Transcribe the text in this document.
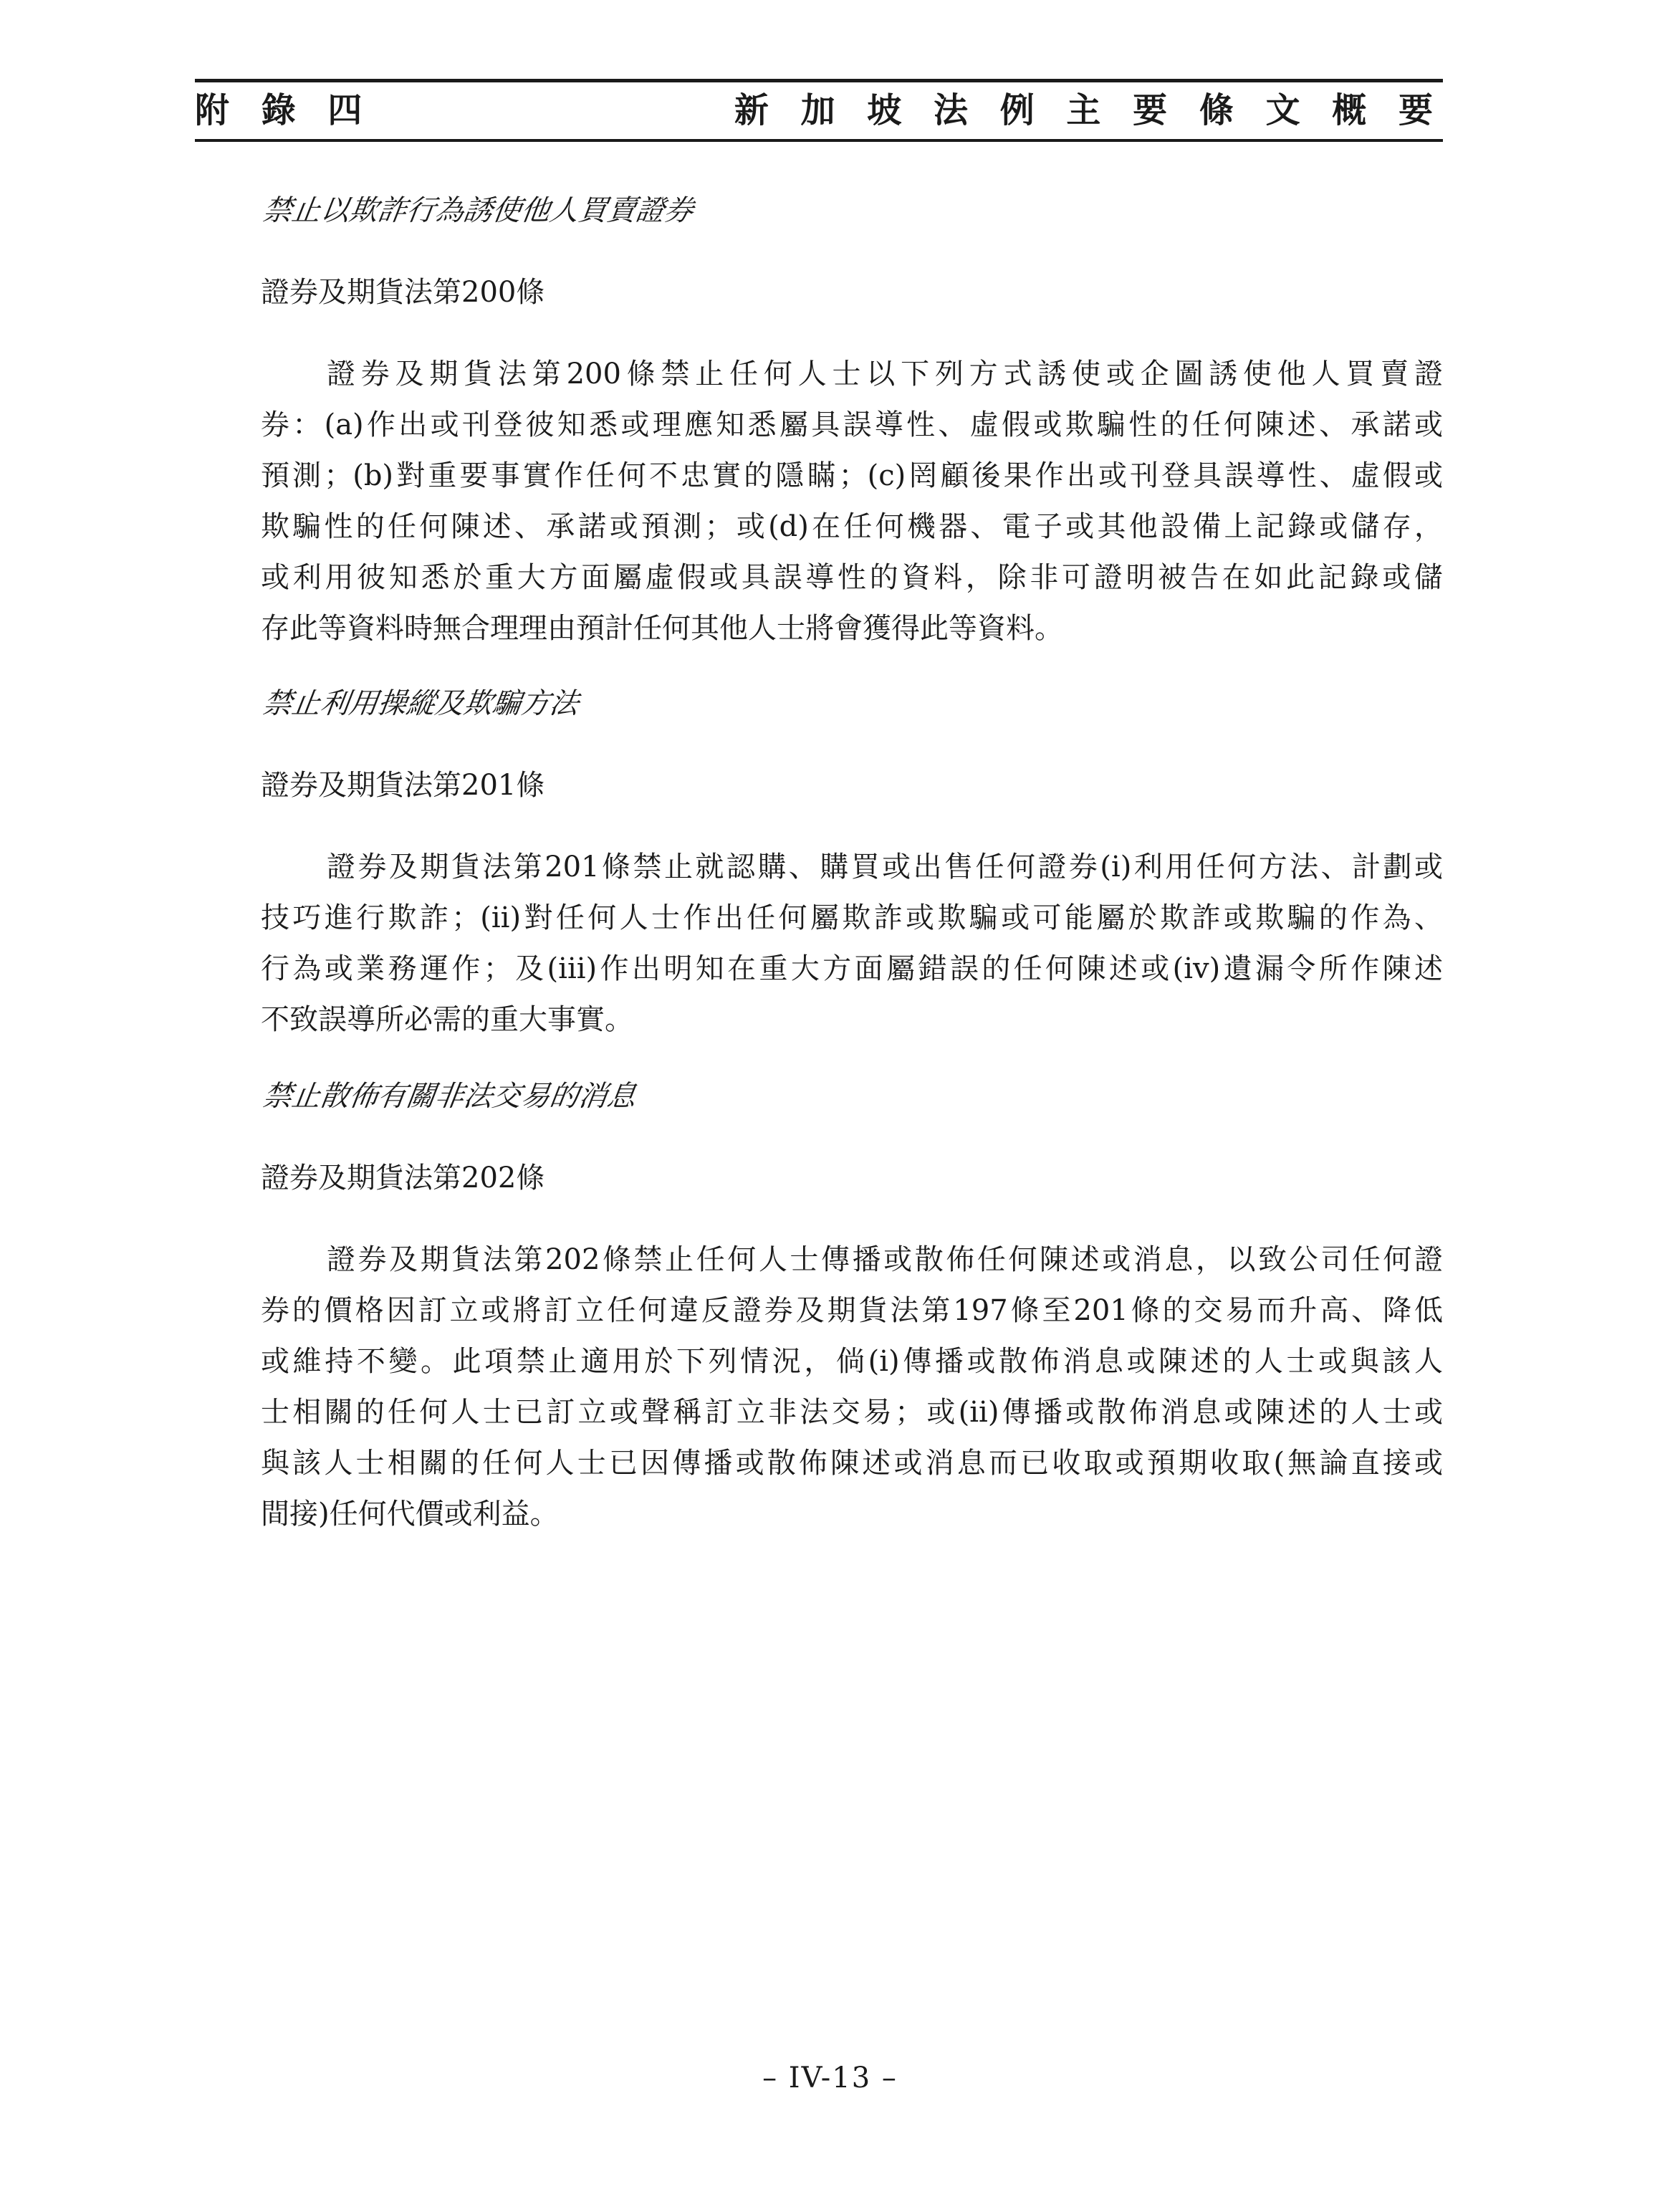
附 錄 四	新 加 坡 法 例 主 要 條 文 概 要
禁止以欺詐行為誘使他人買賣證券
證券及期貨法第200條
證券及期貨法第200條禁止任何人士以下列方式誘使或企圖誘使他人買賣證
券：(a)作出或刊登彼知悉或理應知悉屬具誤導性、虛假或欺騙性的任何陳述、承諾或
預測；(b)對重要事實作任何不忠實的隱瞞；(c)罔顧後果作出或刊登具誤導性、虛假或
欺騙性的任何陳述、承諾或預測；或(d)在任何機器、電子或其他設備上記錄或儲存，
或利用彼知悉於重大方面屬虛假或具誤導性的資料，除非可證明被告在如此記錄或儲
存此等資料時無合理理由預計任何其他人士將會獲得此等資料。
禁止利用操縱及欺騙方法
證券及期貨法第201條
證券及期貨法第201條禁止就認購、購買或出售任何證券(i)利用任何方法、計劃或
技巧進行欺詐；(ii)對任何人士作出任何屬欺詐或欺騙或可能屬於欺詐或欺騙的作為、
行為或業務運作；及(iii)作出明知在重大方面屬錯誤的任何陳述或(iv)遺漏令所作陳述
不致誤導所必需的重大事實。
禁止散佈有關非法交易的消息
證券及期貨法第202條
證券及期貨法第202條禁止任何人士傳播或散佈任何陳述或消息，以致公司任何證
券的價格因訂立或將訂立任何違反證券及期貨法第197條至201條的交易而升高、降低
或維持不變。此項禁止適用於下列情況，倘(i)傳播或散佈消息或陳述的人士或與該人
士相關的任何人士已訂立或聲稱訂立非法交易；或(ii)傳播或散佈消息或陳述的人士或
與該人士相關的任何人士已因傳播或散佈陳述或消息而已收取或預期收取(無論直接或
間接)任何代價或利益。
– IV-13 –
